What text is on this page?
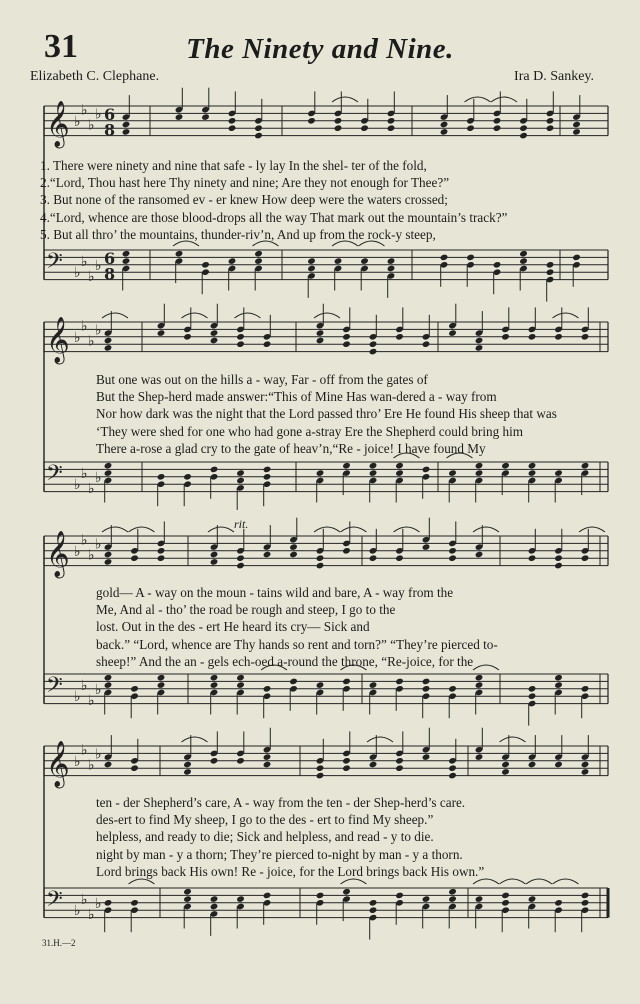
31	The Ninety and Nine.
Elizabeth C. Clephane.	Ira D. Sankey.
rit.
31.H.—2
𝄞 ♭
♭
♭
♭ 6
8
𝄢 ♭
♭
♭
♭ 6
8
𝄞 ♭
♭
♭
♭
𝄢 ♭
♭
♭
♭
𝄞 ♭
♭
♭
♭
𝄢 ♭
♭
♭
♭
𝄞 ♭
♭
♭
♭
𝄢 ♭
♭
♭
♭
1. There were ninety and nine that safe - ly lay In the shel- ter of the fold,
2.“Lord, Thou hast here Thy ninety and nine; Are they not enough for Thee?”
3. But none of the ransomed ev - er knew How deep were the waters crossed;
4.“Lord, whence are those blood-drops all the way That mark out the mountain’s track?”
5. But all thro’ the mountains, thunder-riv’n, And up from the rock-y steep,
But one was out on the hills a - way, Far - off from the gates of
But the Shep-herd made answer:“This of Mine Has wan-dered a - way from
Nor how dark was the night that the Lord passed thro’ Ere He found His sheep that was
‘They were shed for one who had gone a-stray Ere the Shepherd could bring him
There a-rose a glad cry to the gate of heav’n,“Re - joice! I have found My
gold— A - way on the moun - tains wild and bare, A - way from the
Me, And al - tho’ the road be rough and steep, I go to the
lost. Out in the des - ert He heard its cry— Sick and
back.” “Lord, whence are Thy hands so rent and torn?” “They’re pierced to-
sheep!” And the an - gels ech-oed a-round the throne, “Re-joice, for the
ten - der Shepherd’s care, A - way from the ten - der Shep-herd’s care.
des-ert to find My sheep, I go to the des - ert to find My sheep.”
helpless, and ready to die; Sick and helpless, and read - y to die.
night by man - y a thorn; They’re pierced to-night by man - y a thorn.
Lord brings back His own! Re - joice, for the Lord brings back His own.”
